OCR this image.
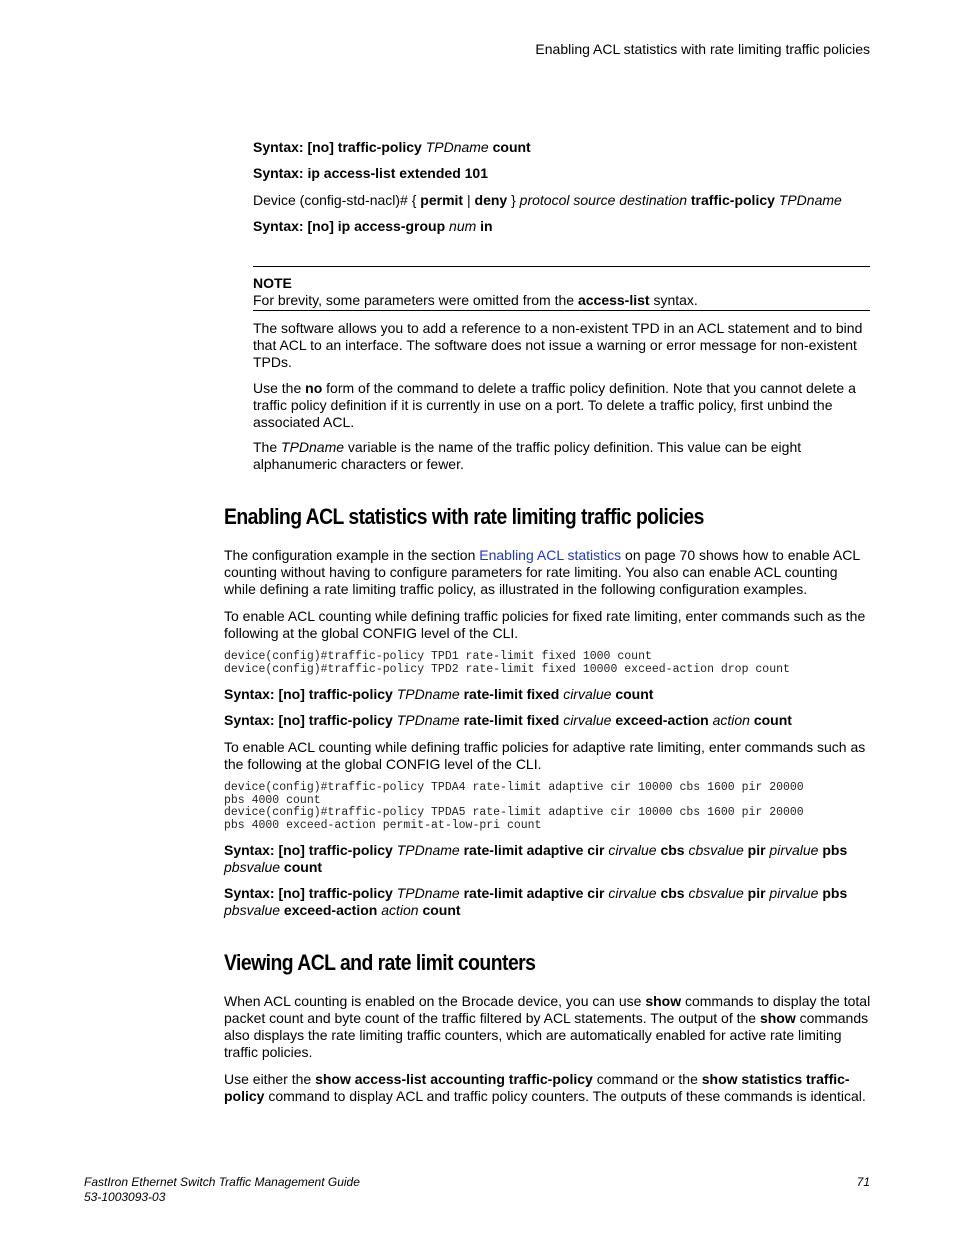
Enabling ACL statistics with rate limiting traffic policies
Syntax: [no] traffic-policy TPDname count
Syntax: ip access-list extended 101
Device (config-std-nacl)# { permit | deny } protocol source destination traffic-policy TPDname
Syntax: [no] ip access-group num in
NOTE
For brevity, some parameters were omitted from the access-list syntax.

The software allows you to add a reference to a non-existent TPD in an ACL statement and to bind that ACL to an interface. The software does not issue a warning or error message for non-existent TPDs.

Use the no form of the command to delete a traffic policy definition. Note that you cannot delete a traffic policy definition if it is currently in use on a port. To delete a traffic policy, first unbind the associated ACL.

The TPDname variable is the name of the traffic policy definition. This value can be eight alphanumeric characters or fewer.

Enabling ACL statistics with rate limiting traffic policies

The configuration example in the section Enabling ACL statistics on page 70 shows how to enable ACL counting without having to configure parameters for rate limiting. You also can enable ACL counting while defining a rate limiting traffic policy, as illustrated in the following configuration examples.

To enable ACL counting while defining traffic policies for fixed rate limiting, enter commands such as the following at the global CONFIG level of the CLI.

device(config)#traffic-policy TPD1 rate-limit fixed 1000 count
device(config)#traffic-policy TPD2 rate-limit fixed 10000 exceed-action drop count
Syntax: [no] traffic-policy TPDname rate-limit fixed cirvalue count
Syntax: [no] traffic-policy TPDname rate-limit fixed cirvalue exceed-action action count

To enable ACL counting while defining traffic policies for adaptive rate limiting, enter commands such as the following at the global CONFIG level of the CLI.

device(config)#traffic-policy TPDA4 rate-limit adaptive cir 10000 cbs 1600 pir 20000
pbs 4000 count
device(config)#traffic-policy TPDA5 rate-limit adaptive cir 10000 cbs 1600 pir 20000
pbs 4000 exceed-action permit-at-low-pri count
Syntax: [no] traffic-policy TPDname rate-limit adaptive cir cirvalue cbs cbsvalue pir pirvalue pbs
pbsvalue count
Syntax: [no] traffic-policy TPDname rate-limit adaptive cir cirvalue cbs cbsvalue pir pirvalue pbs
pbsvalue exceed-action action count
Viewing ACL and rate limit counters

When ACL counting is enabled on the Brocade device, you can use show commands to display the total packet count and byte count of the traffic filtered by ACL statements. The output of the show commands also displays the rate limiting traffic counters, which are automatically enabled for active rate limiting traffic policies.

Use either the show access-list accounting traffic-policy command or the show statistics traffic-policy command to display ACL and traffic policy counters. The outputs of these commands is identical.

FastIron Ethernet Switch Traffic Management Guide
53-1003093-03
71
